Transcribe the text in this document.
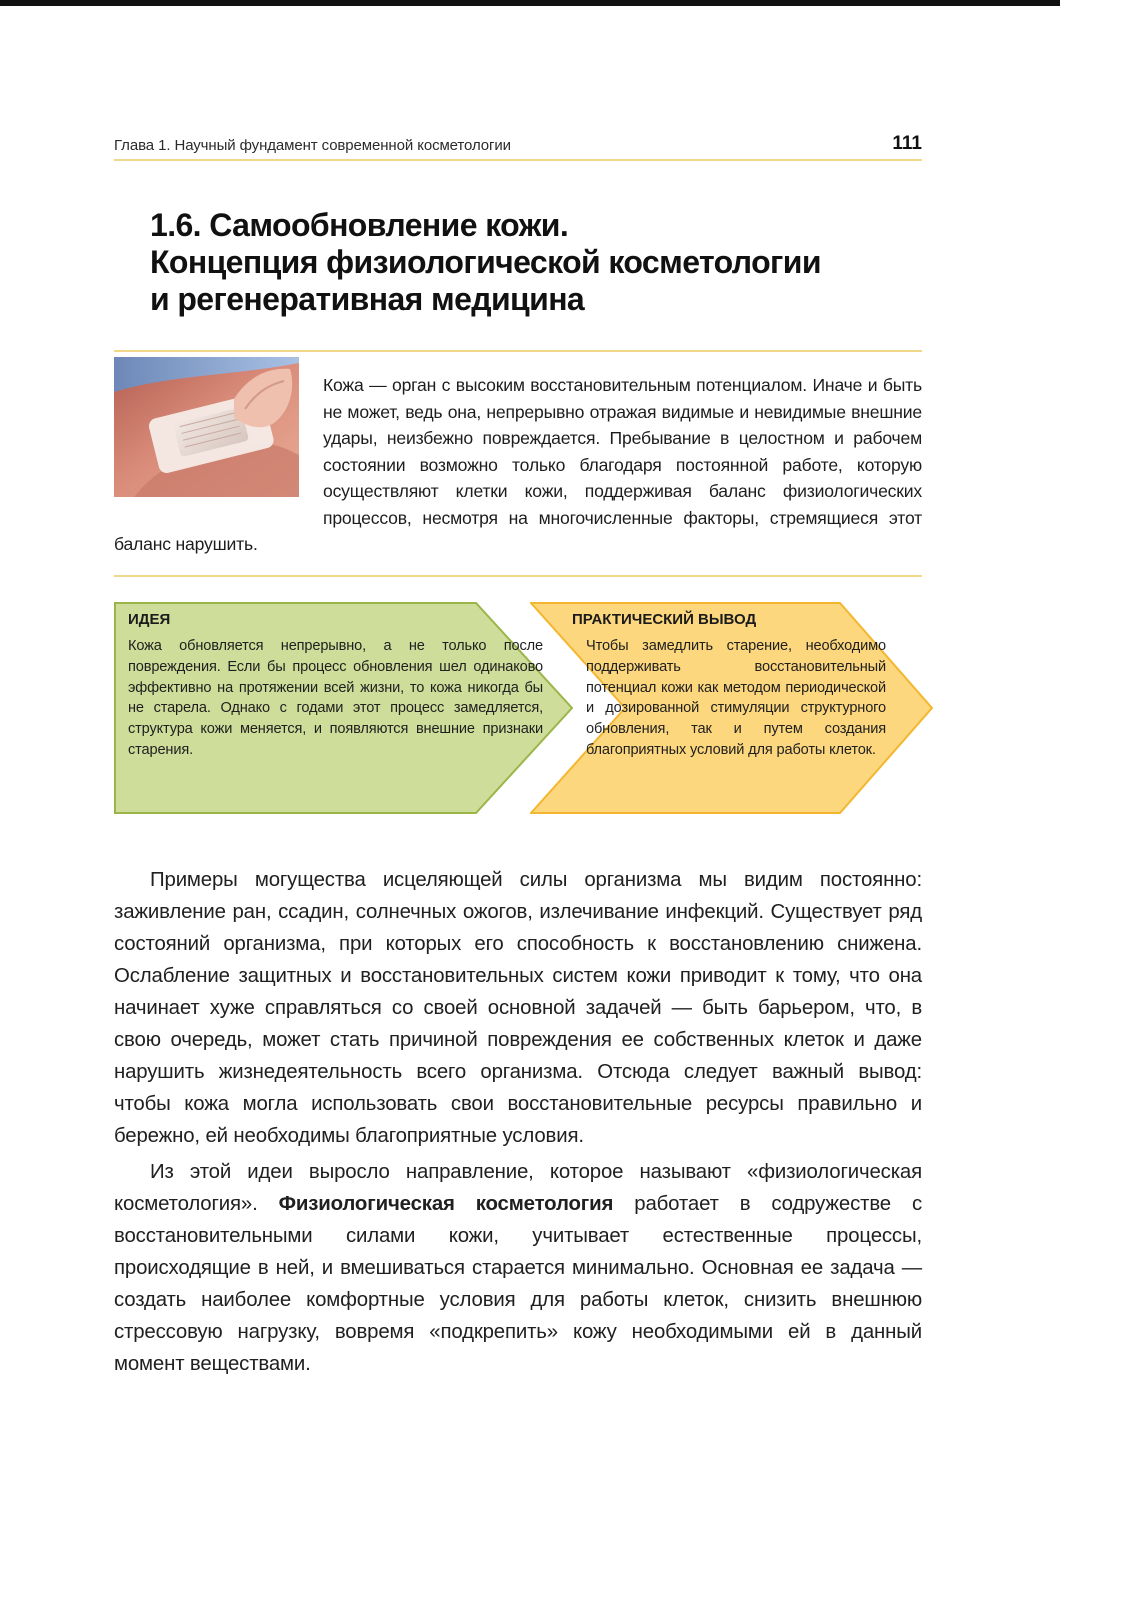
Глава 1. Научный фундамент современной косметологии	111
1.6. Самообновление кожи.
Концепция физиологической косметологии
и регенеративная медицина

Кожа — орган с высоким восстановительным потенциалом. Иначе и быть не может, ведь она, непрерывно отражая видимые и невидимые внешние удары, неизбежно повреждается. Пребывание в целостном и рабочем состоянии возможно только благодаря постоянной работе, которую осуществляют клетки кожи, поддерживая баланс физиологических процессов, несмотря на многочисленные факторы, стремящиеся этот баланс нарушить.

ИДЕЯ

Кожа обновляется непрерывно, а не только после повреждения. Если бы процесс обновления шел одинаково эффективно на протяжении всей жизни, то кожа никогда бы не старела. Однако с годами этот процесс замедляется, структура кожи меняется, и появляются внешние признаки старения.

ПРАКТИЧЕСКИЙ ВЫВОД

Чтобы замедлить старение, необходимо поддерживать восстановительный потенциал кожи как методом периодической и дозированной стимуляции структурного обновления, так и путем создания благоприятных условий для работы клеток.

Примеры могущества исцеляющей силы организма мы видим постоянно: заживление ран, ссадин, солнечных ожогов, излечивание инфекций. Существует ряд состояний организма, при которых его способность к восстановлению снижена. Ослабление защитных и восстановительных систем кожи приводит к тому, что она начинает хуже справляться со своей основной задачей — быть барьером, что, в свою очередь, может стать причиной повреждения ее собственных клеток и даже нарушить жизнедеятельность всего организма. Отсюда следует важный вывод: чтобы кожа могла использовать свои восстановительные ресурсы правильно и бережно, ей необходимы благоприятные условия.

Из этой идеи выросло направление, которое называют «физиологическая косметология». Физиологическая косметология работает в содружестве с восстановительными силами кожи, учитывает естественные процессы, происходящие в ней, и вмешиваться старается минимально. Основная ее задача — создать наиболее комфортные условия для работы клеток, снизить внешнюю стрессовую нагрузку, вовремя «подкрепить» кожу необходимыми ей в данный момент веществами.
